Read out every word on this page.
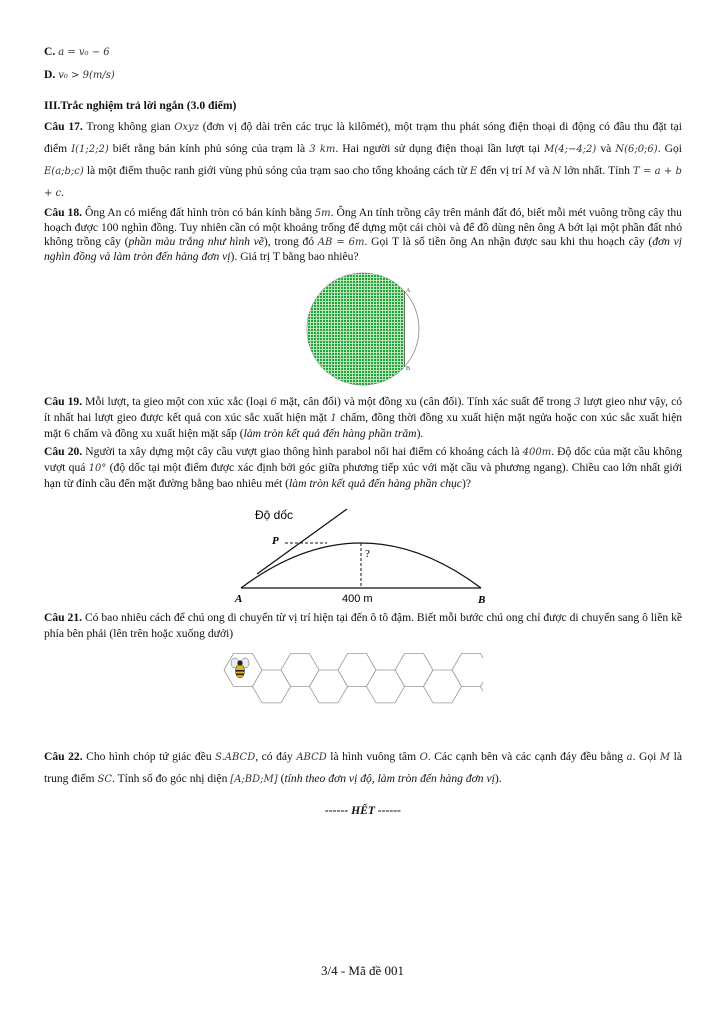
C. a = v₀ − 6

D. v₀ > 9(m/s)

III.Trắc nghiệm trả lời ngắn (3.0 điểm)

Câu 17. Trong không gian Oxyz (đơn vị độ dài trên các trục là kilômét), một trạm thu phát sóng điện thoại di động có đầu thu đặt tại điểm I(1;2;2) biết rằng bán kính phủ sóng của trạm là 3 km. Hai người sử dụng điện thoại lần lượt tại M(4;−4;2) và N(6;0;6). Gọi E(a;b;c) là một điểm thuộc ranh giới vùng phủ sóng của trạm sao cho tổng khoảng cách từ E đến vị trí M và N lớn nhất. Tính T = a + b + c.

Câu 18. Ông An có miếng đất hình tròn có bán kính bằng 5m. Ông An tính trồng cây trên mảnh đất đó, biết mỗi mét vuông trồng cây thu hoạch được 100 nghìn đồng. Tuy nhiên cần có một khoảng trống để dựng một cái chòi và để đồ dùng nên ông A bớt lại một phần đất nhỏ không trồng cây (phần màu trắng như hình vẽ), trong đó AB = 6m. Gọi T là số tiền ông An nhận được sau khi thu hoạch cây (đơn vị nghìn đồng và làm tròn đến hàng đơn vị). Giá trị T bằng bao nhiêu?

A
B

Câu 19. Mỗi lượt, ta gieo một con xúc xắc (loại 6 mặt, cân đối) và một đồng xu (cân đối). Tính xác suất để trong 3 lượt gieo như vậy, có ít nhất hai lượt gieo được kết quả con xúc sắc xuất hiện mặt 1 chấm, đồng thời đồng xu xuất hiện mặt ngửa hoặc con xúc sắc xuất hiện mặt 6 chấm và đồng xu xuất hiện mặt sấp (làm tròn kết quả đến hàng phần trăm).

Câu 20. Người ta xây dựng một cây cầu vượt giao thông hình parabol nối hai điểm có khoảng cách là 400m. Độ dốc của mặt cầu không vượt quá 10° (độ dốc tại một điểm được xác định bởi góc giữa phương tiếp xúc với mặt cầu và phương ngang). Chiều cao lớn nhất giới hạn từ đỉnh cầu đến mặt đường bằng bao nhiêu mét (làm tròn kết quả đến hàng phần chục)?

Độ dốc
P
?
A	B
400 m

Câu 21. Có bao nhiêu cách để chú ong di chuyển từ vị trí hiện tại đến ô tô đậm. Biết mỗi bước chú ong chỉ được di chuyển sang ô liền kề phía bên phải (lên trên hoặc xuống dưới)

Câu 22. Cho hình chóp tứ giác đều S.ABCD, có đáy ABCD là hình vuông tâm O. Các cạnh bên và các cạnh đáy đều bằng a. Gọi M là trung điểm SC. Tính số đo góc nhị diện [A;BD;M] (tính theo đơn vị độ, làm tròn đến hàng đơn vị).

------ HẾT ------

3/4 - Mã đề 001
